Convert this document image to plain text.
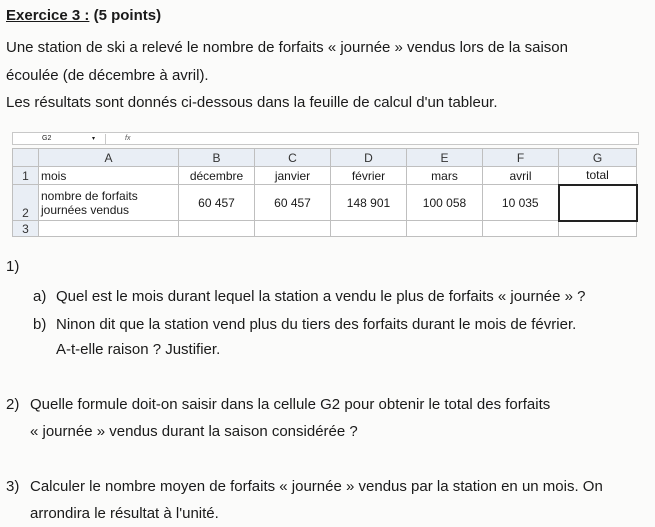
Exercice 3 : (5 points)
Une station de ski a relevé le nombre de forfaits « journée » vendus lors de la saison
écoulée (de décembre à avril).
Les résultats sont donnés ci-dessous dans la feuille de calcul d'un tableur.
G2	▾	fx
	A	B	C	D	E	F	G
1	mois	décembre	janvier	février	mars	avril	total
2	nombre de forfaits
journées vendus	60 457	60 457	148 901	100 058	10 035	
3							
1)
a) Quel est le mois durant lequel la station a vendu le plus de forfaits « journée » ?
b) Ninon dit que la station vend plus du tiers des forfaits durant le mois de février.
A-t-elle raison ? Justifier.
2) Quelle formule doit-on saisir dans la cellule G2 pour obtenir le total des forfaits
« journée » vendus durant la saison considérée ?
3) Calculer le nombre moyen de forfaits « journée » vendus par la station en un mois. On
arrondira le résultat à l'unité.
